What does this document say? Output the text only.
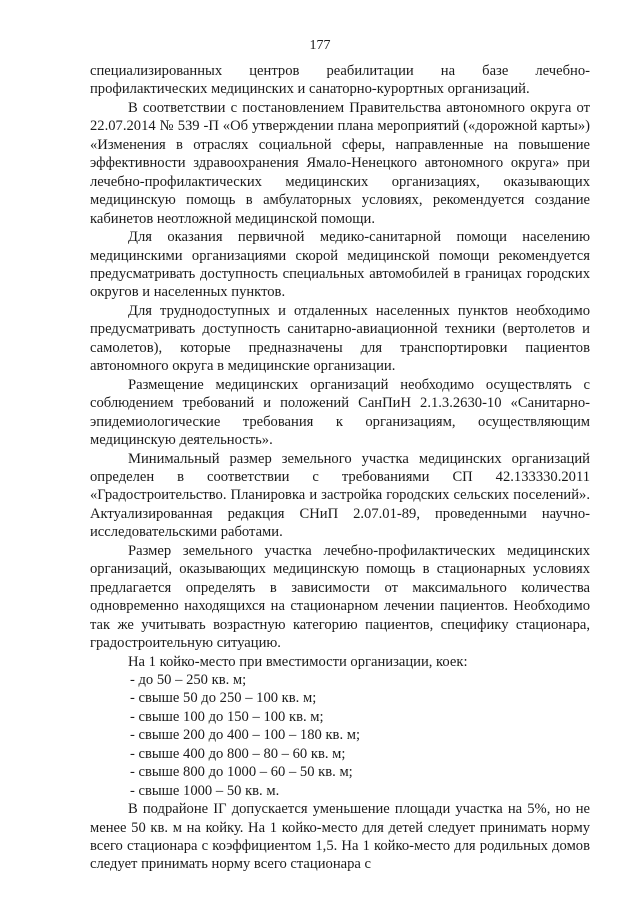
177

специализированных центров реабилитации на базе лечебно-профилактических медицинских и санаторно-курортных организаций.

В соответствии с постановлением Правительства автономного округа от 22.07.2014 № 539 -П «Об утверждении плана мероприятий («дорожной карты») «Изменения в отраслях социальной сферы, направленные на повышение эффективности здравоохранения Ямало-Ненецкого автономного округа» при лечебно-профилактических медицинских организациях, оказывающих медицинскую помощь в амбулаторных условиях, рекомендуется создание кабинетов неотложной медицинской помощи.

Для оказания первичной медико-санитарной помощи населению медицинскими организациями скорой медицинской помощи рекомендуется предусматривать доступность специальных автомобилей в границах городских округов и населенных пунктов.

Для труднодоступных и отдаленных населенных пунктов необходимо предусматривать доступность санитарно-авиационной техники (вертолетов и самолетов), которые предназначены для транспортировки пациентов автономного округа в медицинские организации.

Размещение медицинских организаций необходимо осуществлять с соблюдением требований и положений СанПиН 2.1.3.2630-10 «Санитарно-эпидемиологические требования к организациям, осуществляющим медицинскую деятельность».

Минимальный размер земельного участка медицинских организаций определен в соответствии с требованиями СП 42.133330.2011 «Градостроительство. Планировка и застройка городских сельских поселений». Актуализированная редакция СНиП 2.07.01-89, проведенными научно-исследовательскими работами.

Размер земельного участка лечебно-профилактических медицинских организаций, оказывающих медицинскую помощь в стационарных условиях предлагается определять в зависимости от максимального количества одновременно находящихся на стационарном лечении пациентов. Необходимо так же учитывать возрастную категорию пациентов, специфику стационара, градостроительную ситуацию.

На 1 койко-место при вместимости организации, коек:

- до 50 – 250 кв. м;

- свыше 50 до 250 – 100 кв. м;

- свыше 100 до 150 – 100 кв. м;

- свыше 200 до 400 – 100 – 180 кв. м;

- свыше 400 до 800 – 80 – 60 кв. м;

- свыше 800 до 1000 – 60 – 50 кв. м;

- свыше 1000 – 50 кв. м.

В подрайоне IГ допускается уменьшение площади участка на 5%, но не менее 50 кв. м на койку. На 1 койко-место для детей следует принимать норму всего стационара с коэффициентом 1,5. На 1 койко-место для родильных домов следует принимать норму всего стационара с
